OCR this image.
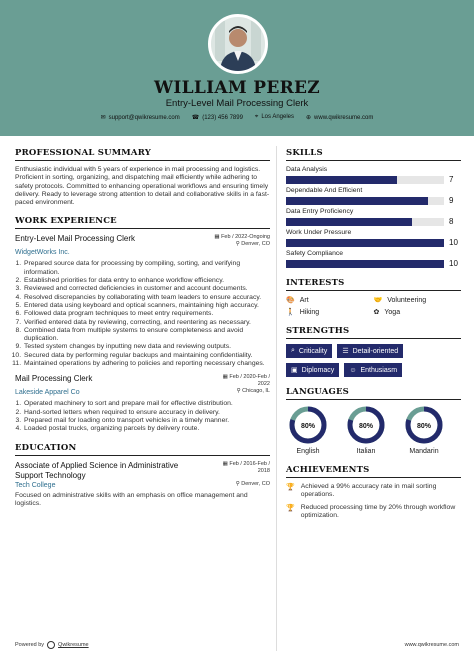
WILLIAM PEREZ
Entry-Level Mail Processing Clerk
✉ support@qwikresume.com ☎ (123) 456 7899 ⌖ Los Angeles ⊕ www.qwikresume.com
PROFESSIONAL SUMMARY
Enthusiastic individual with 5 years of experience in mail processing and logistics. Proficient in sorting, organizing, and dispatching mail efficiently while adhering to safety protocols. Committed to enhancing operational workflows and ensuring timely delivery. Ready to leverage strong attention to detail and collaborative skills in a fast-paced environment.
WORK EXPERIENCE
Entry-Level Mail Processing Clerk	▦ Feb / 2022-Ongoing
⚲ Denver, CO
WidgetWorks Inc.
1. Prepared source data for processing by compiling, sorting, and verifying information.
2. Established priorities for data entry to enhance workflow efficiency.
3. Reviewed and corrected deficiencies in customer and account documents.
4. Resolved discrepancies by collaborating with team leaders to ensure accuracy.
5. Entered data using keyboard and optical scanners, maintaining high accuracy.
6. Followed data program techniques to meet entry requirements.
7. Verified entered data by reviewing, correcting, and reentering as necessary.
8. Combined data from multiple systems to ensure completeness and avoid duplication.
9. Tested system changes by inputting new data and reviewing outputs.
10. Secured data by performing regular backups and maintaining confidentiality.
11. Maintained operations by adhering to policies and reporting necessary changes.
Mail Processing Clerk	▦ Feb / 2020-Feb /
2022
Lakeside Apparel Co	⚲ Chicago, IL
1. Operated machinery to sort and prepare mail for effective distribution.
2. Hand-sorted letters when required to ensure accuracy in delivery.
3. Prepared mail for loading onto transport vehicles in a timely manner.
4. Loaded postal trucks, organizing parcels by delivery route.
EDUCATION
Associate of Applied Science in Administrative Support Technology
▦ Feb / 2016-Feb /
2018
Tech College	⚲ Denver, CO
Focused on administrative skills with an emphasis on office management and logistics.
SKILLS
Data Analysis
7
Dependable And Efficient
9
Data Entry Proficiency
8
Work Under Pressure
10
Safety Compliance
10
INTERESTS
🎨 Art	🤝 Volunteering
🚶 Hiking	✿ Yoga
STRENGTHS
⌕ Criticality ☰ Detail-oriented
▣ Diplomacy ☺ Enthusiasm
LANGUAGES
80%
English
80%
Italian
80%
Mandarin
ACHIEVEMENTS
🏆 Achieved a 99% accuracy rate in mail sorting operations.
🏆 Reduced processing time by 20% through workflow optimization.
Powered by	Qwikresume	www.qwikresume.com
